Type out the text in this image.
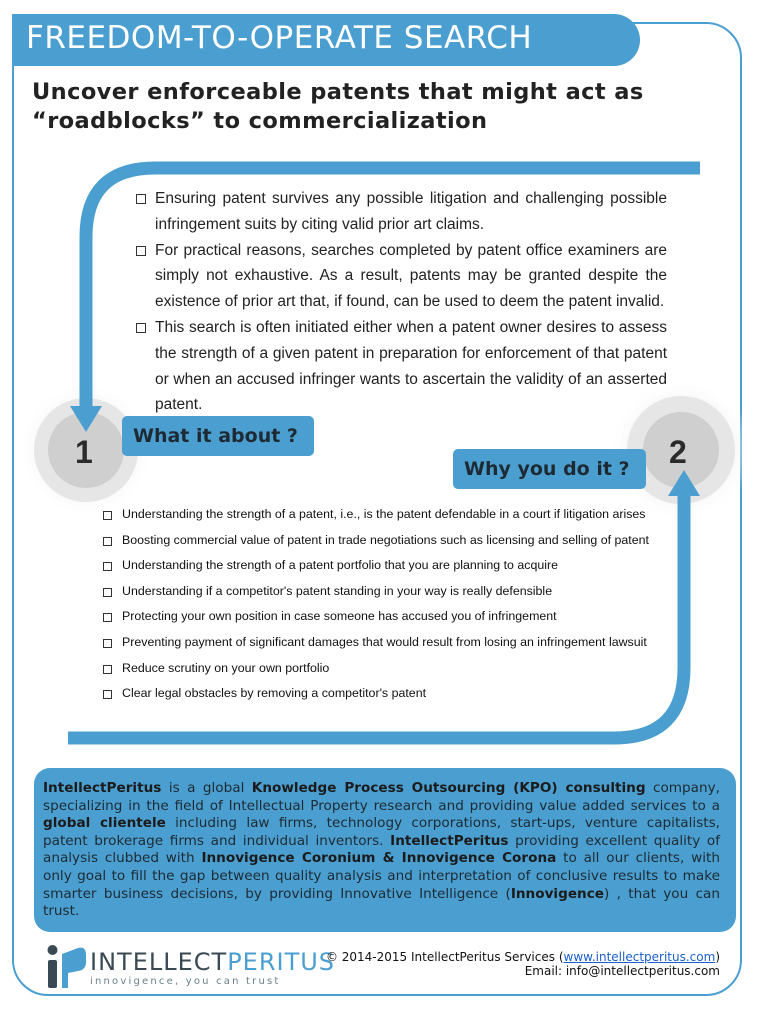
FREEDOM-TO-OPERATE SEARCH
Uncover enforceable patents that might act as
“roadblocks” to commercialization
1	2
Ensuring patent survives any possible litigation and challenging possible infringement suits by citing valid prior art claims.
For practical reasons, searches completed by patent office examiners are simply not exhaustive. As a result, patents may be granted despite the existence of prior art that, if found, can be used to deem the patent invalid.
This search is often initiated either when a patent owner desires to assess the strength of a given patent in preparation for enforcement of that patent or when an accused infringer wants to ascertain the validity of an asserted patent.
What it about ?
Why you do it ?
Understanding the strength of a patent, i.e., is the patent defendable in a court if litigation arises
Boosting commercial value of patent in trade negotiations such as licensing and selling of patent
Understanding the strength of a patent portfolio that you are planning to acquire
Understanding if a competitor's patent standing in your way is really defensible
Protecting your own position in case someone has accused you of infringement
Preventing payment of significant damages that would result from losing an infringement lawsuit
Reduce scrutiny on your own portfolio
Clear legal obstacles by removing a competitor's patent
IntellectPeritus is a global Knowledge Process Outsourcing (KPO) consulting company, specializing in the field of Intellectual Property research and providing value added services to a global clientele including law firms, technology corporations, start-ups, venture capitalists, patent brokerage firms and individual inventors. IntellectPeritus providing excellent quality of analysis clubbed with Innovigence Coronium & Innovigence Corona to all our clients, with only goal to fill the gap between quality analysis and interpretation of conclusive results to make smarter business decisions, by providing Innovative Intelligence (Innovigence) , that you can trust.
INTELLECTPERITUS
innovigence, you can trust
© 2014-2015 IntellectPeritus Services (www.intellectperitus.com)
Email: info@intellectperitus.com
